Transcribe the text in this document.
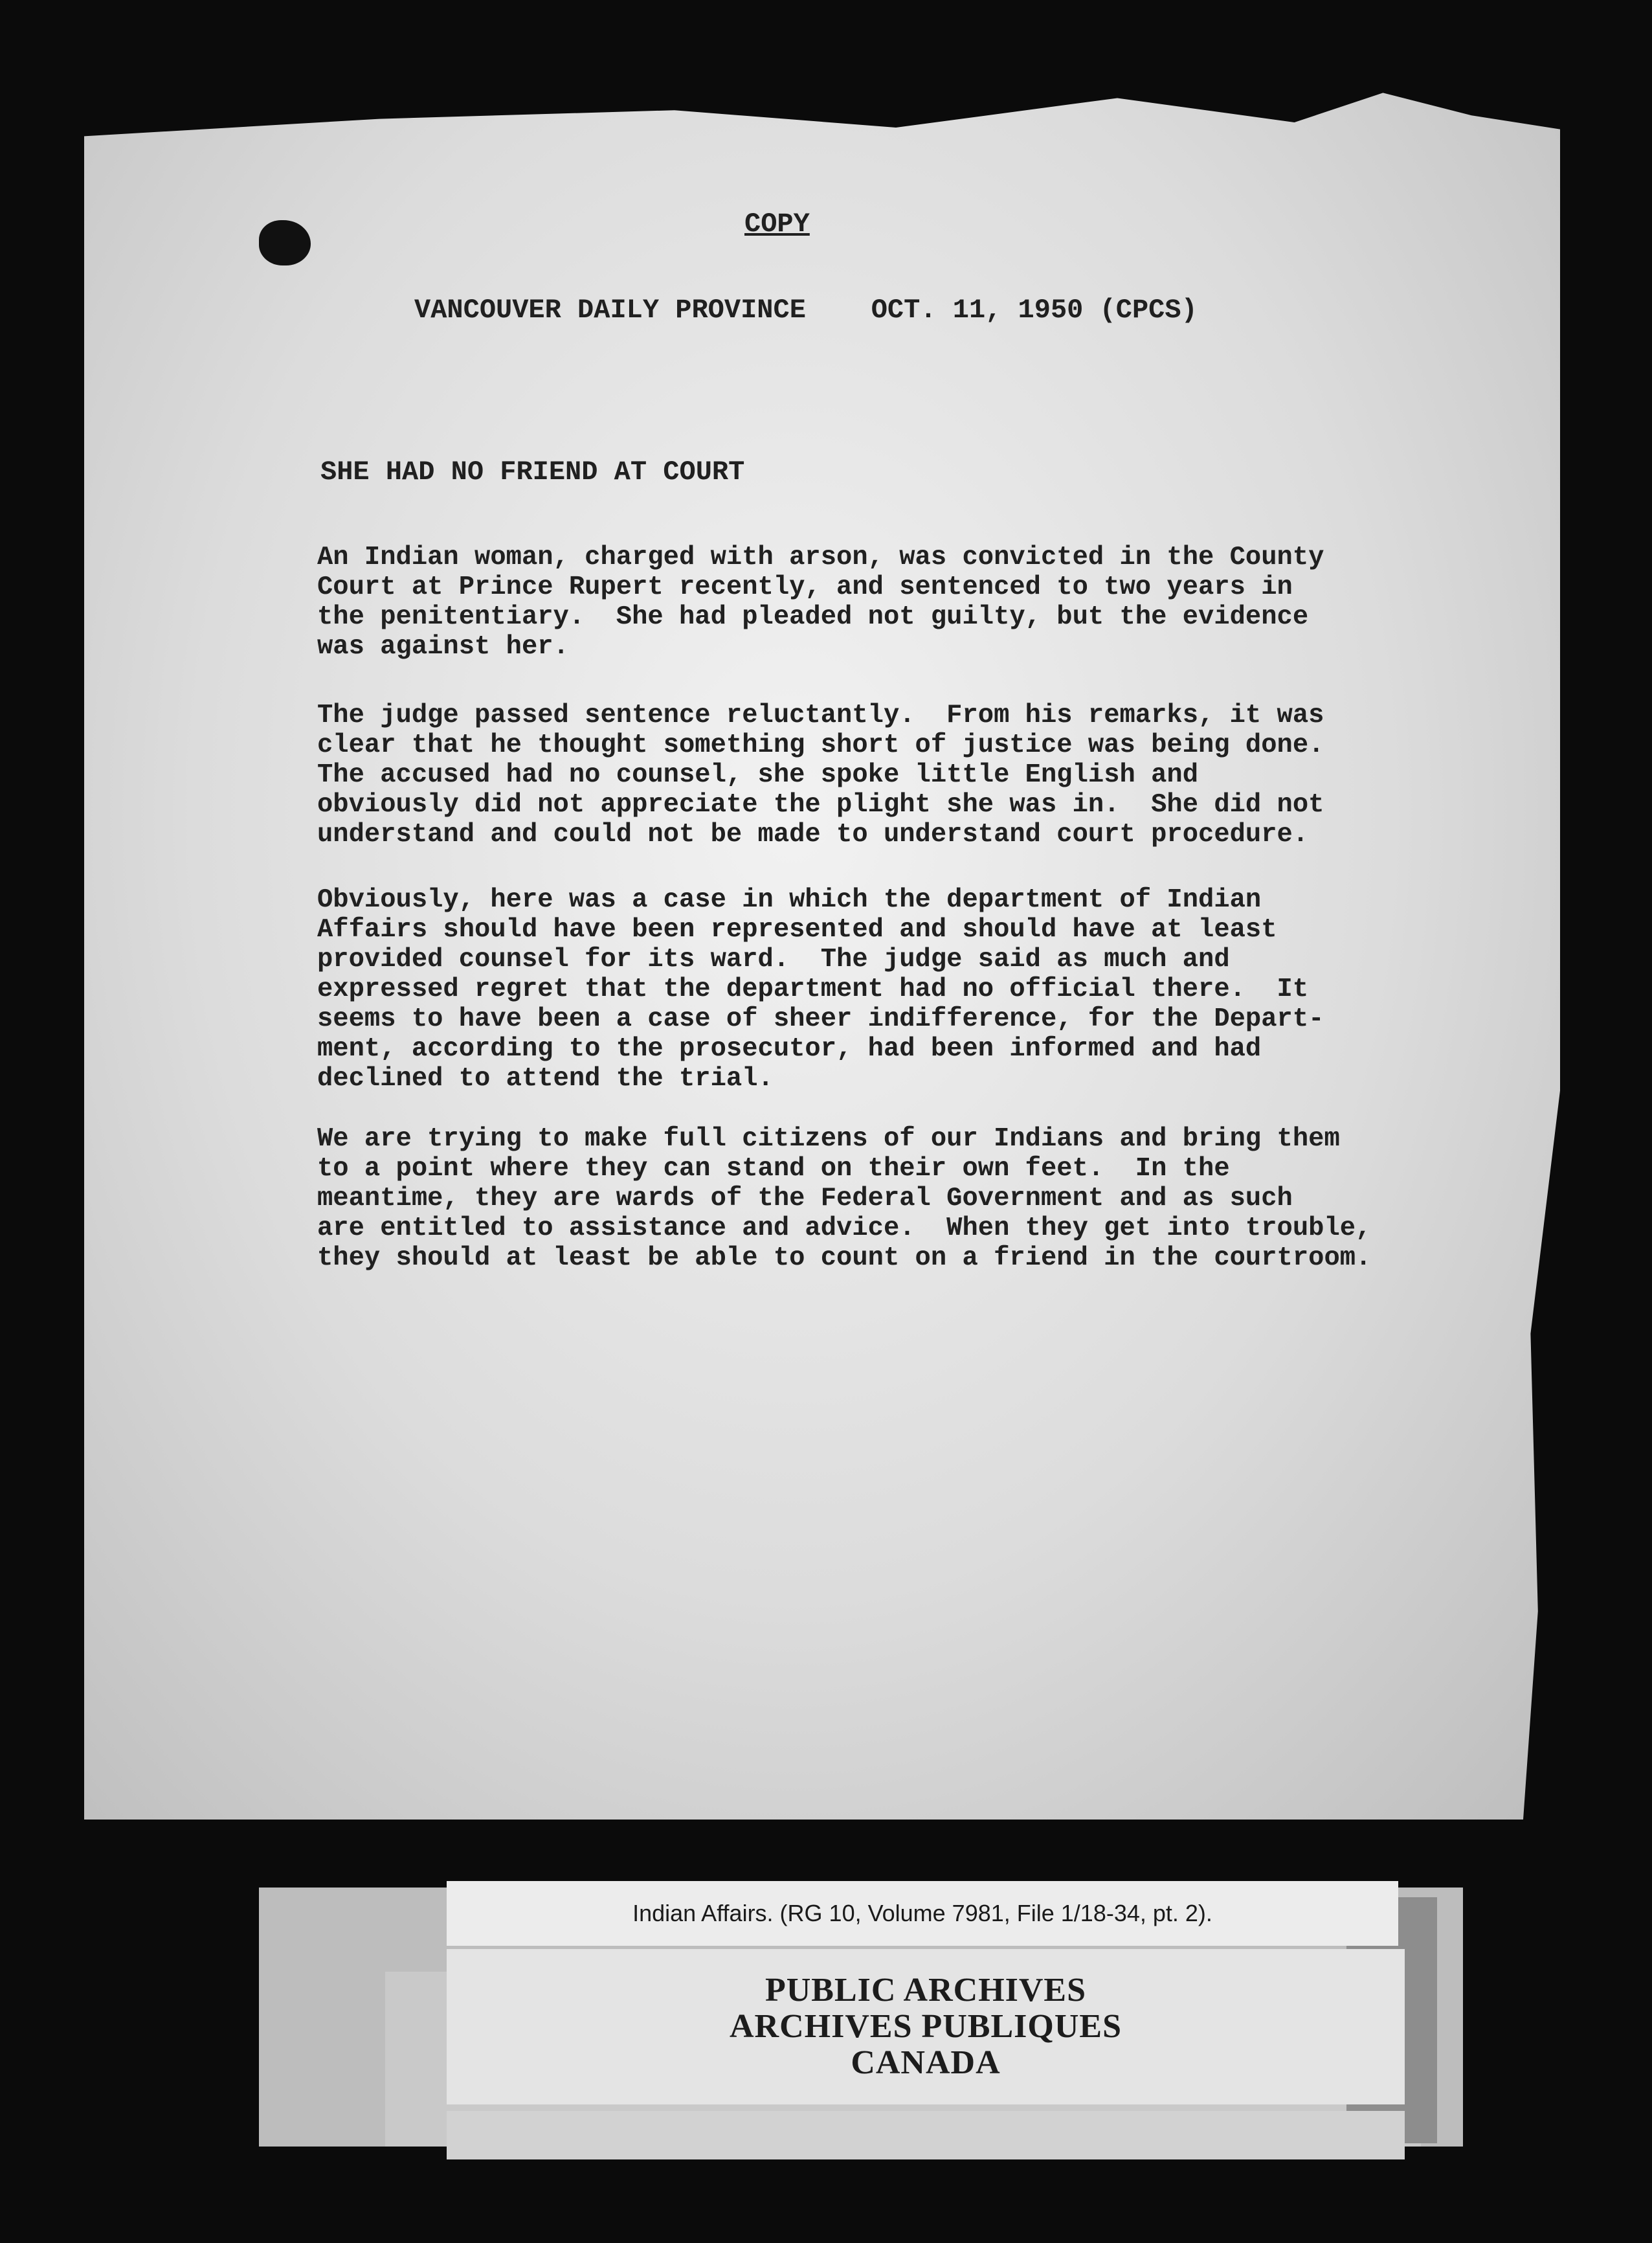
COPY

VANCOUVER DAILY PROVINCE    OCT. 11, 1950 (CPCS)

SHE HAD NO FRIEND AT COURT

An Indian woman, charged with arson, was convicted in the County
Court at Prince Rupert recently, and sentenced to two years in
the penitentiary.  She had pleaded not guilty, but the evidence
was against her.

The judge passed sentence reluctantly.  From his remarks, it was
clear that he thought something short of justice was being done.
The accused had no counsel, she spoke little English and
obviously did not appreciate the plight she was in.  She did not
understand and could not be made to understand court procedure.

Obviously, here was a case in which the department of Indian
Affairs should have been represented and should have at least
provided counsel for its ward.  The judge said as much and
expressed regret that the department had no official there.  It
seems to have been a case of sheer indifference, for the Depart-
ment, according to the prosecutor, had been informed and had
declined to attend the trial.

We are trying to make full citizens of our Indians and bring them
to a point where they can stand on their own feet.  In the
meantime, they are wards of the Federal Government and as such
are entitled to assistance and advice.  When they get into trouble,
they should at least be able to count on a friend in the courtroom.

Indian Affairs. (RG 10, Volume 7981, File 1/18-34, pt. 2).
PUBLIC ARCHIVES
ARCHIVES PUBLIQUES
CANADA
